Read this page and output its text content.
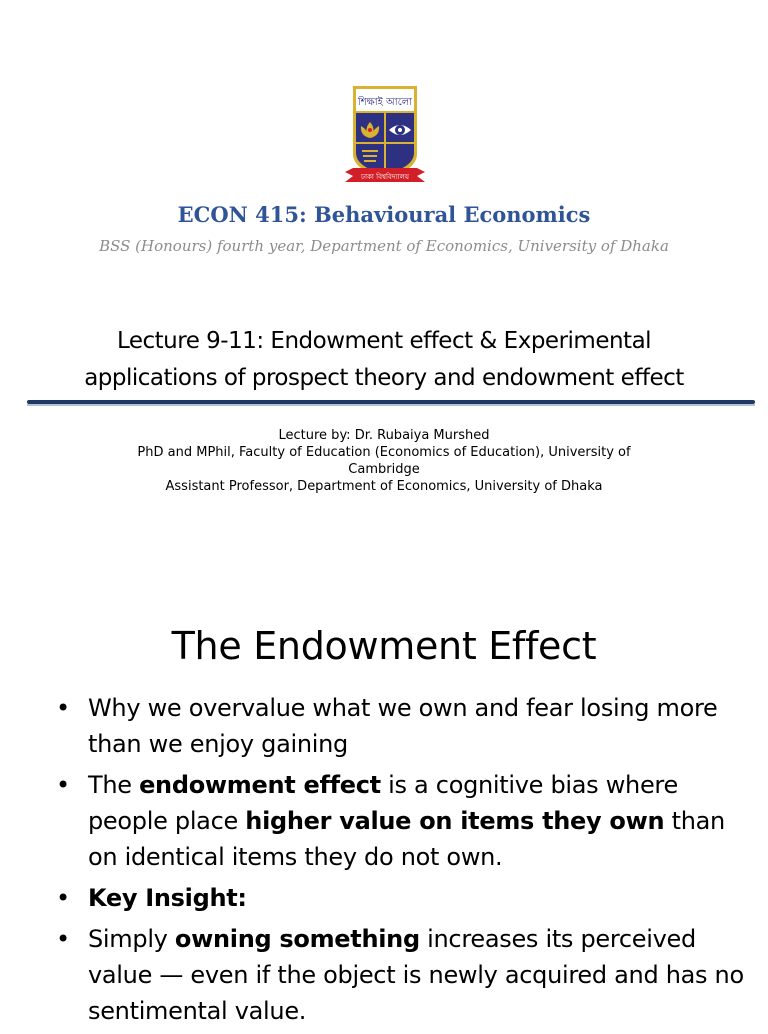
শিক্ষাই আলো
ঢাকা বিশ্ববিদ্যালয়
ECON 415: Behavioural Economics
BSS (Honours) fourth year, Department of Economics, University of Dhaka
Lecture 9-11: Endowment effect & Experimental
applications of prospect theory and endowment effect
Lecture by: Dr. Rubaiya Murshed
PhD and MPhil, Faculty of Education (Economics of Education), University of
Cambridge
Assistant Professor, Department of Economics, University of Dhaka
The Endowment Effect
• Why we overvalue what we own and fear losing more than we enjoy gaining
• The endowment effect is a cognitive bias where people place higher value on items they own than on identical items they do not own.
• Key Insight:
• Simply owning something increases its perceived value — even if the object is newly acquired and has no sentimental value.
